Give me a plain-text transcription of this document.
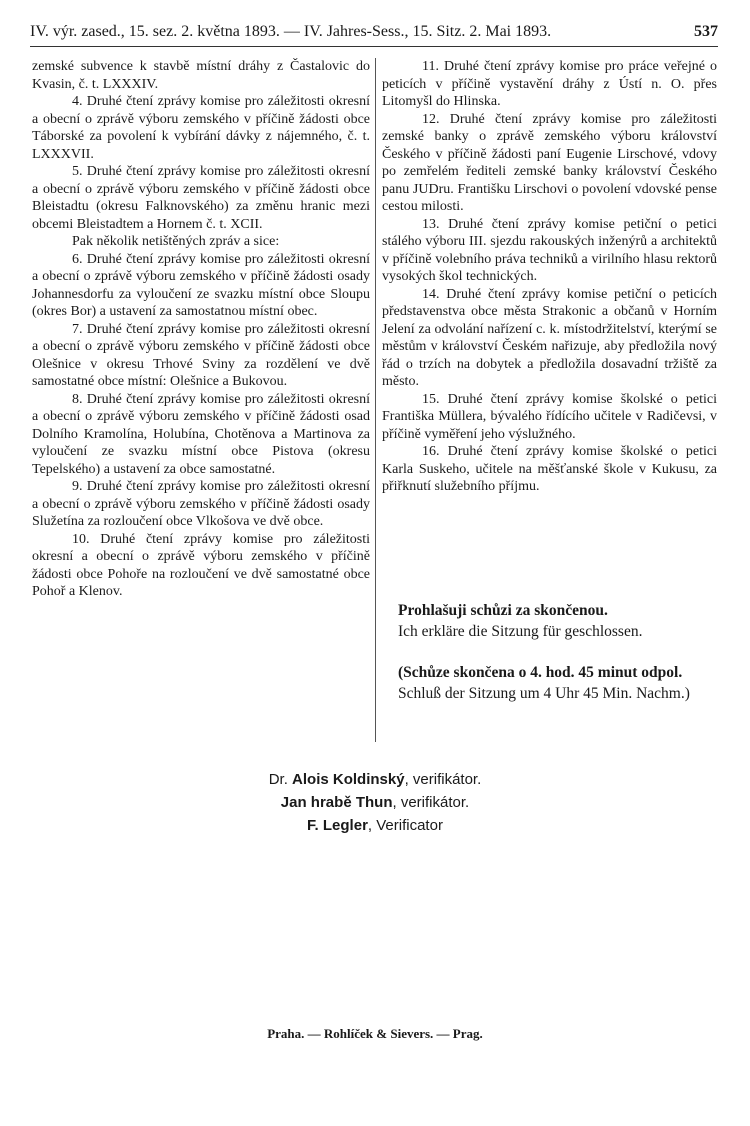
IV. výr. zased., 15. sez. 2. května 1893. — IV. Jahres-Sess., 15. Sitz. 2. Mai 1893.	537

zemské subvence k stavbě místní dráhy z Častalovic do Kvasin, č. t. LXXXIV.

4. Druhé čtení zprávy komise pro záležitosti okresní a obecní o zprávě výboru zemského v příčině žádosti obce Táborské za povolení k vybírání dávky z nájemného, č. t. LXXXVII.

5. Druhé čtení zprávy komise pro záležitosti okresní a obecní o zprávě výboru zemského v příčině žádosti obce Bleistadtu (okresu Falknovského) za změnu hranic mezi obcemi Bleistadtem a Hornem č. t. XCII.

Pak několik netištěných zpráv a sice:

6. Druhé čtení zprávy komise pro záležitosti okresní a obecní o zprávě výboru zemského v příčině žádosti osady Johannesdorfu za vyloučení ze svazku místní obce Sloupu (okres Bor) a ustavení za samostatnou místní obec.

7. Druhé čtení zprávy komise pro záležitosti okresní a obecní o zprávě výboru zemského v příčině žádosti obce Olešnice v okresu Trhové Sviny za rozdělení ve dvě samostatné obce místní: Olešnice a Bukovou.

8. Druhé čtení zprávy komise pro záležitosti okresní a obecní o zprávě výboru zemského v příčině žádosti osad Dolního Kramolína, Holubína, Chotěnova a Martinova za vyloučení ze svazku místní obce Pistova (okresu Tepelského) a ustavení za obce samostatné.

9. Druhé čtení zprávy komise pro záležitosti okresní a obecní o zprávě výboru zemského v příčině žádosti osady Služetína za rozloučení obce Vlkošova ve dvě obce.

10. Druhé čtení zprávy komise pro záležitosti okresní a obecní o zprávě výboru zemského v příčině žádosti obce Pohoře na rozloučení ve dvě samostatné obce Pohoř a Klenov.

11. Druhé čtení zprávy komise pro práce veřejné o peticích v příčině vystavění dráhy z Ústí n. O. přes Litomyšl do Hlinska.

12. Druhé čtení zprávy komise pro záležitosti zemské banky o zprávě zemského výboru království Českého v příčině žádosti paní Eugenie Lirschové, vdovy po zemřelém řediteli zemské banky království Českého panu JUDru. Františku Lirschovi o povolení vdovské pense cestou milosti.

13. Druhé čtení zprávy komise petiční o petici stálého výboru III. sjezdu rakouských inženýrů a architektů v příčině volebního práva techniků a virilního hlasu rektorů vysokých škol technických.

14. Druhé čtení zprávy komise petiční o peticích představenstva obce města Strakonic a občanů v Horním Jelení za odvolání nařízení c. k. místodržitelství, kterýmí se městům v království Českém nařizuje, aby předložila nový řád o trzích na dobytek a předložila dosavadní tržiště za město.

15. Druhé čtení zprávy komise školské o petici Františka Müllera, bývalého řídícího učitele v Radičevsi, v příčině vyměření jeho výslužného.

16. Druhé čtení zprávy komise školské o petici Karla Suskeho, učitele na měšťanské škole v Kukusu, za přiřknutí služebního příjmu.

Prohlašuji schůzi za skončenou.

Ich erkläre die Sitzung für geschlossen.

(Schůze skončena o 4. hod. 45 minut odpol.

Schluß der Sitzung um 4 Uhr 45 Min. Nachm.)

Dr. Alois Koldinský, verifikátor.
Jan hrabě Thun, verifikátor.
F. Legler, Verificator
Praha. — Rohlíček & Sievers. — Prag.
